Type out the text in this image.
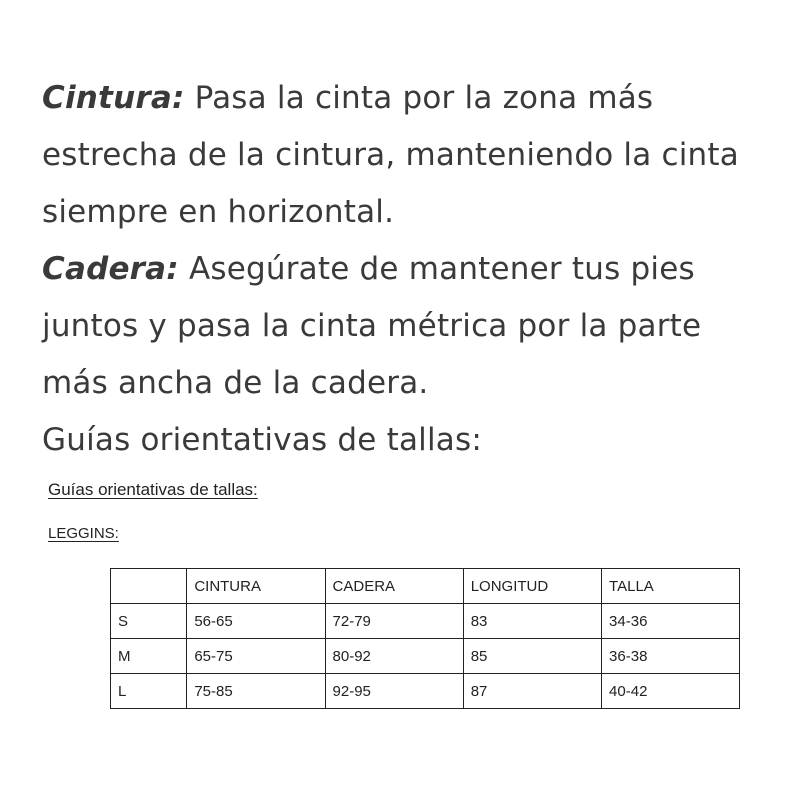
Cintura: Pasa la cinta por la zona más estrecha de la cintura, manteniendo la cinta siempre en horizontal.

Cadera: Asegúrate de mantener tus pies juntos y pasa la cinta métrica por la parte más ancha de la cadera.

Guías orientativas de tallas:

Guías orientativas de tallas:
LEGGINS:
	CINTURA	CADERA	LONGITUD	TALLA
S	56-65	72-79	83	34-36
M	65-75	80-92	85	36-38
L	75-85	92-95	87	40-42
